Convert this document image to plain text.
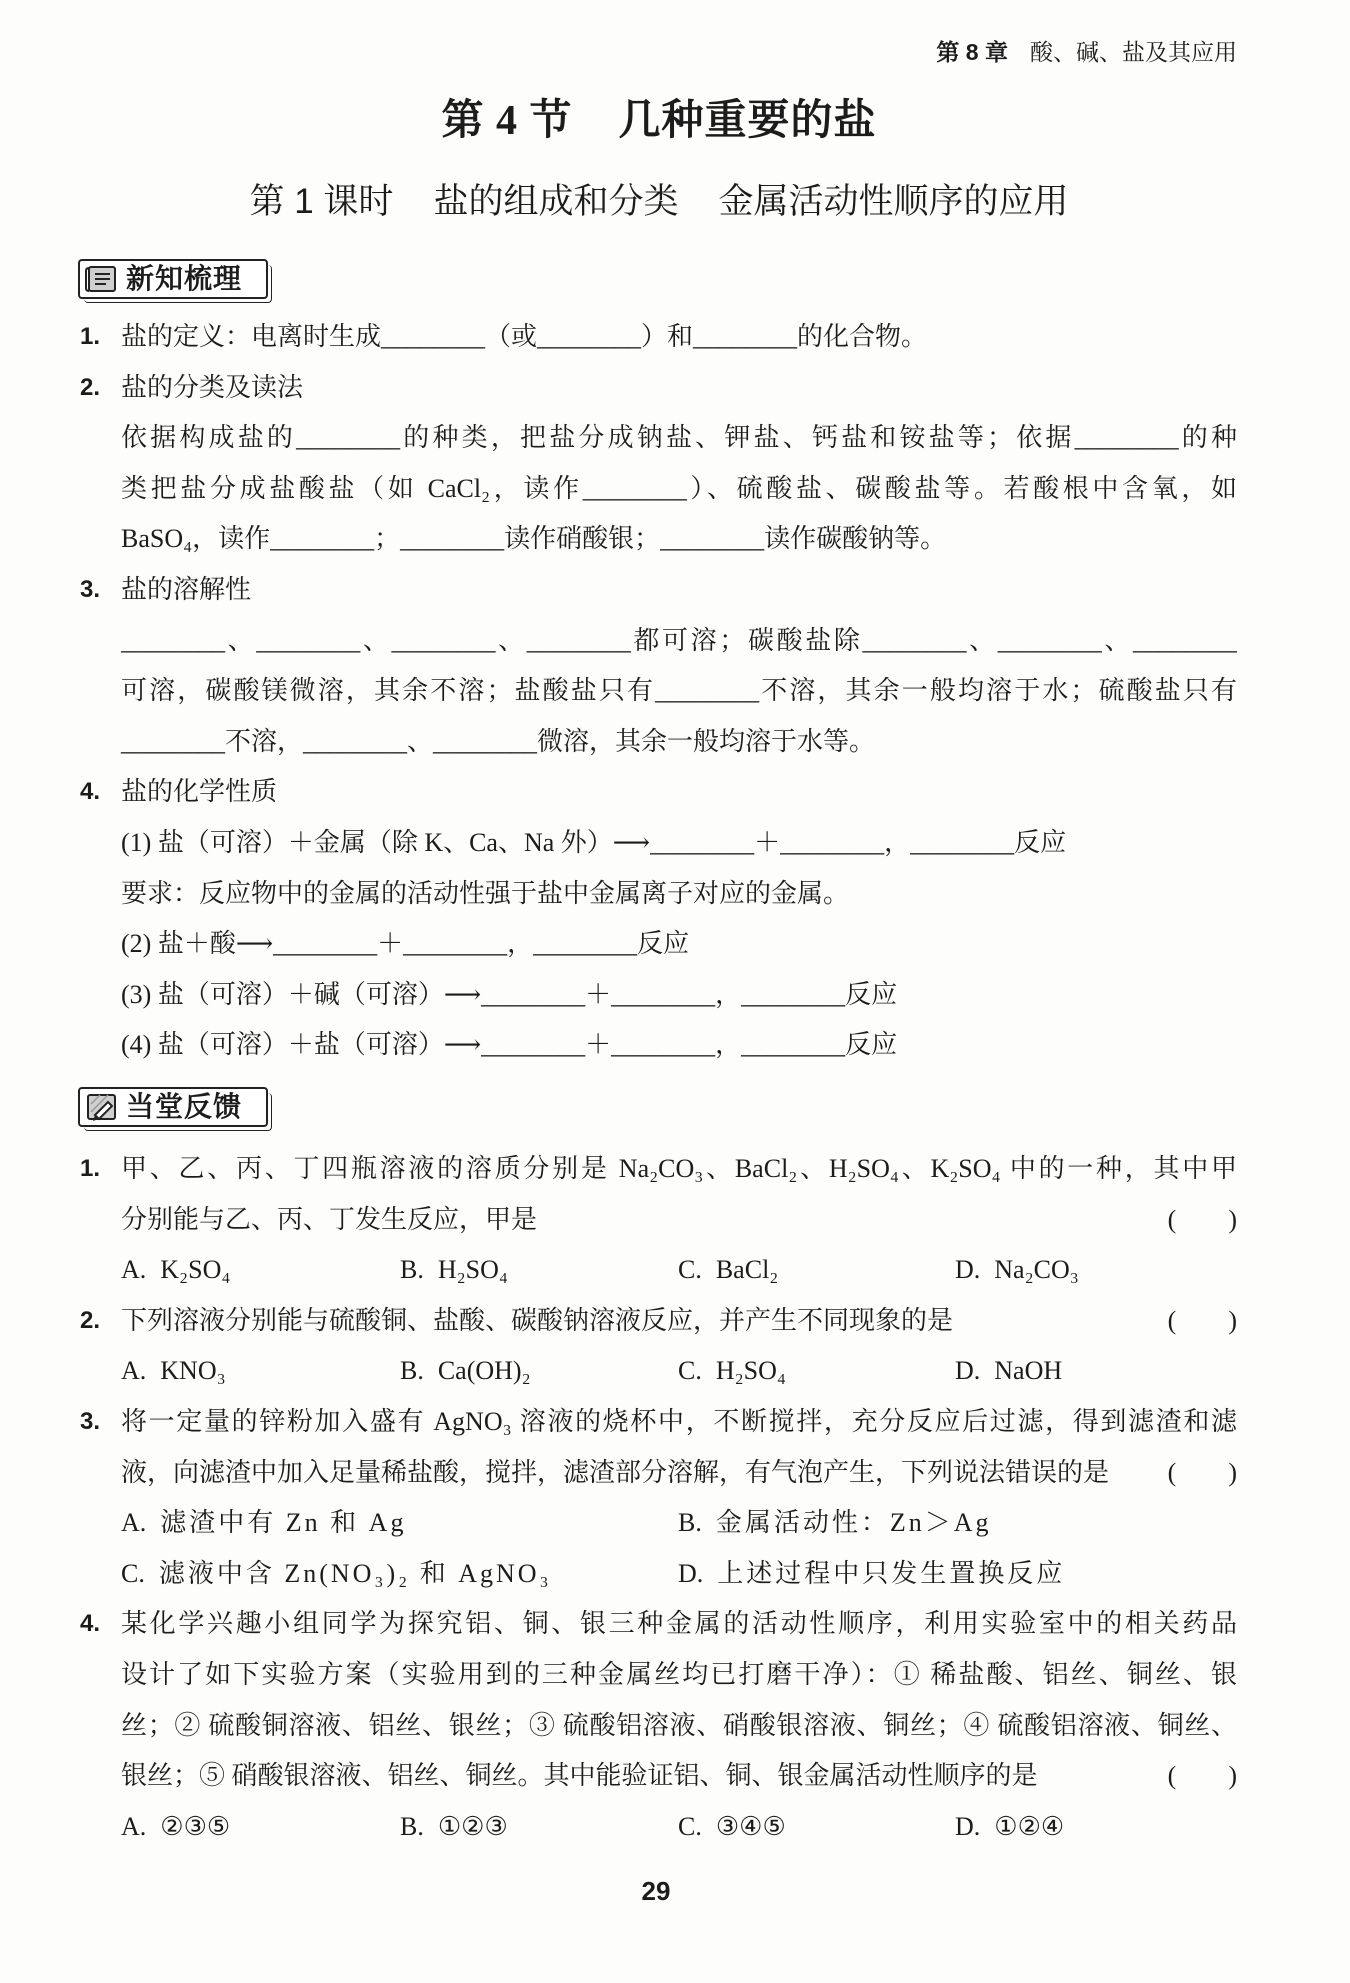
第 8 章 酸、碱、盐及其应用
第 4 节 几种重要的盐
第 1 课时 盐的组成和分类 金属活动性顺序的应用
新知梳理
1. 盐的定义：电离时生成________（或________）和________的化合物。
2. 盐的分类及读法
依据构成盐的________的种类，把盐分成钠盐、钾盐、钙盐和铵盐等；依据________的种
类把盐分成盐酸盐（如 CaCl₂，读作________）、硫酸盐、碳酸盐等。若酸根中含氧，如
BaSO₄，读作________；________读作硝酸银；________读作碳酸钠等。
3. 盐的溶解性
________、________、________、________都可溶；碳酸盐除________、________、________
可溶，碳酸镁微溶，其余不溶；盐酸盐只有________不溶，其余一般均溶于水；硫酸盐只有
________不溶，________、________微溶，其余一般均溶于水等。
4. 盐的化学性质
(1) 盐（可溶）＋金属（除 K、Ca、Na 外）⟶________＋________，________反应
要求：反应物中的金属的活动性强于盐中金属离子对应的金属。
(2) 盐＋酸⟶________＋________，________反应
(3) 盐（可溶）＋碱（可溶）⟶________＋________，________反应
(4) 盐（可溶）＋盐（可溶）⟶________＋________，________反应
当堂反馈
1. 甲、乙、丙、丁四瓶溶液的溶质分别是 Na₂CO₃、BaCl₂、H₂SO₄、K₂SO₄ 中的一种，其中甲
分别能与乙、丙、丁发生反应，甲是	(　　)
A. K₂SO₄	B. H₂SO₄	C. BaCl₂	D. Na₂CO₃
2. 下列溶液分别能与硫酸铜、盐酸、碳酸钠溶液反应，并产生不同现象的是	(　　)
A. KNO₃	B. Ca(OH)₂	C. H₂SO₄	D. NaOH
3. 将一定量的锌粉加入盛有 AgNO₃ 溶液的烧杯中，不断搅拌，充分反应后过滤，得到滤渣和滤
液，向滤渣中加入足量稀盐酸，搅拌，滤渣部分溶解，有气泡产生，下列说法错误的是	(　　)
A. 滤渣中有 Zn 和 Ag	B. 金属活动性：Zn＞Ag
C. 滤液中含 Zn(NO₃)₂ 和 AgNO₃	D. 上述过程中只发生置换反应
4. 某化学兴趣小组同学为探究铝、铜、银三种金属的活动性顺序，利用实验室中的相关药品
设计了如下实验方案（实验用到的三种金属丝均已打磨干净）：① 稀盐酸、铝丝、铜丝、银
丝；② 硫酸铜溶液、铝丝、银丝；③ 硫酸铝溶液、硝酸银溶液、铜丝；④ 硫酸铝溶液、铜丝、
银丝；⑤ 硝酸银溶液、铝丝、铜丝。其中能验证铝、铜、银金属活动性顺序的是	(　　)
A. ②③⑤	B. ①②③	C. ③④⑤	D. ①②④
29
